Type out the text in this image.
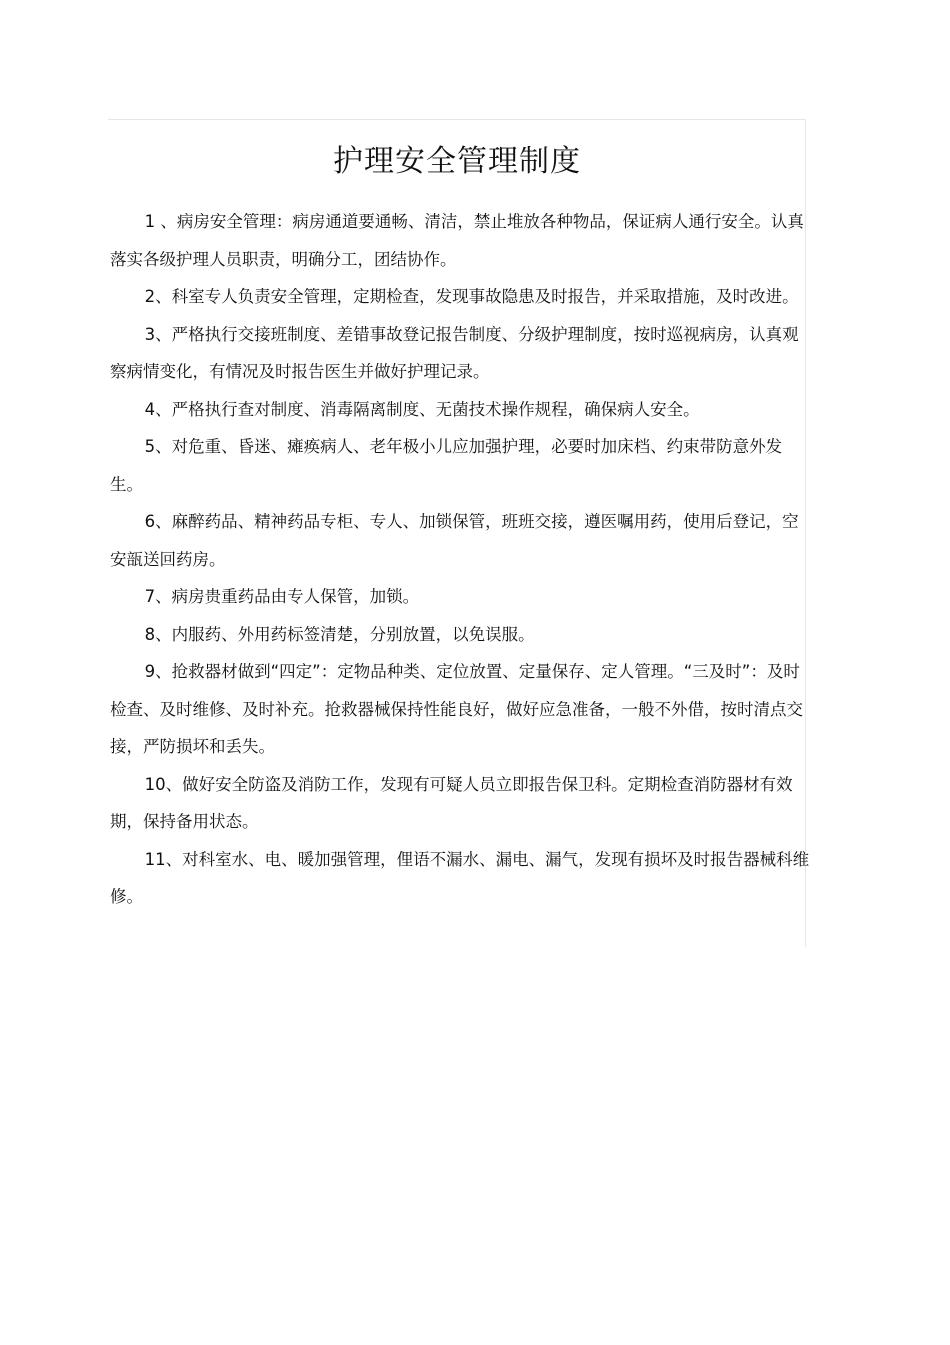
护理安全管理制度

1 、病房安全管理：病房通道要通畅、清洁，禁止堆放各种物品，保证病人通行安全。认真落实各级护理人员职责，明确分工，团结协作。

2、科室专人负责安全管理，定期检查，发现事故隐患及时报告，并采取措施，及时改进。

3、严格执行交接班制度、差错事故登记报告制度、分级护理制度，按时巡视病房，认真观察病情变化，有情况及时报告医生并做好护理记录。

4、严格执行查对制度、消毒隔离制度、无菌技术操作规程，确保病人安全。

5、对危重、昏迷、瘫痪病人、老年极小儿应加强护理，必要时加床档、约束带防意外发生。

6、麻醉药品、精神药品专柜、专人、加锁保管，班班交接，遵医嘱用药，使用后登记，空安瓿送回药房。

7、病房贵重药品由专人保管，加锁。

8、内服药、外用药标签清楚，分别放置，以免误服。

9、抢救器材做到“四定”：定物品种类、定位放置、定量保存、定人管理。“三及时”：及时检查、及时维修、及时补充。抢救器械保持性能良好，做好应急准备，一般不外借，按时清点交接，严防损坏和丢失。

10、做好安全防盗及消防工作，发现有可疑人员立即报告保卫科。定期检查消防器材有效期，保持备用状态。

11、对科室水、电、暖加强管理，俚语不漏水、漏电、漏气，发现有损坏及时报告器械科维修。
